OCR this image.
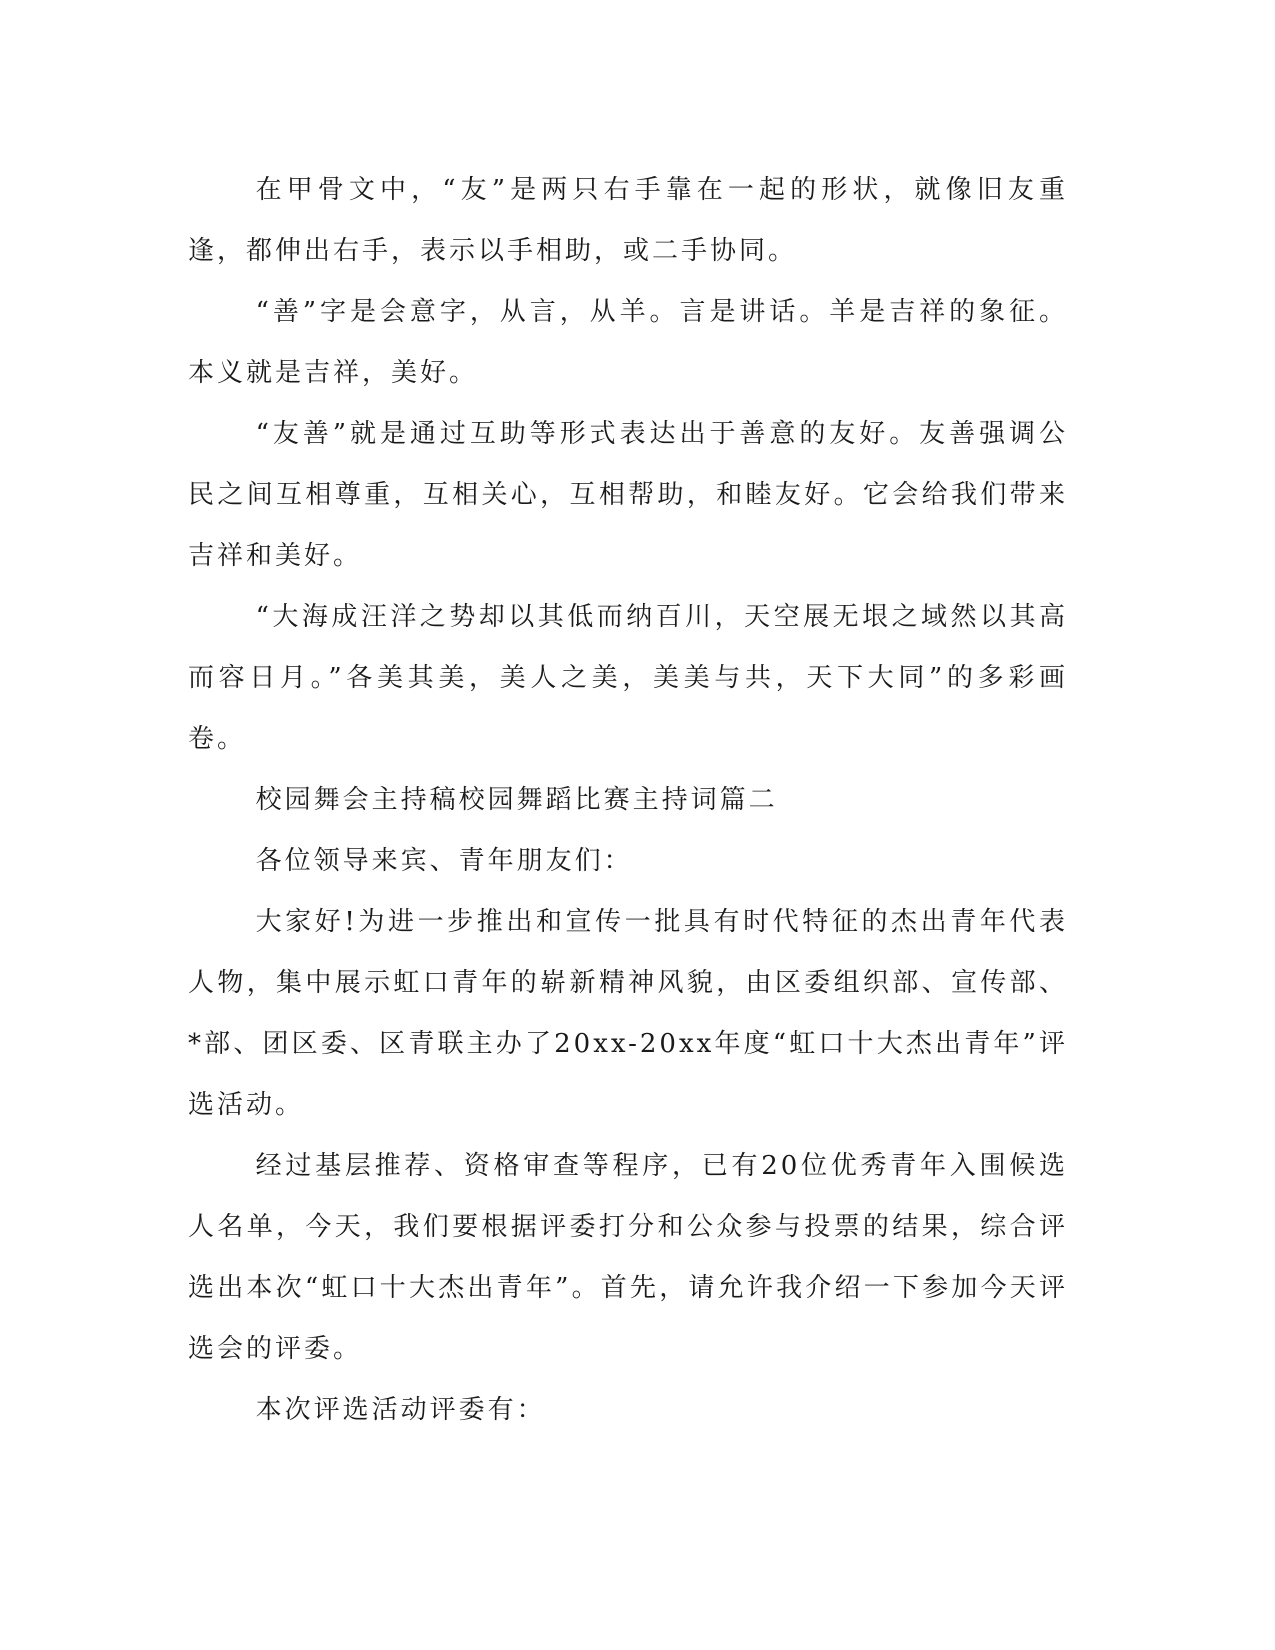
在甲骨文中，“友”是两只右手靠在一起的形状，就像旧友重逢，都伸出右手，表示以手相助，或二手协同。

“善”字是会意字，从言，从羊。言是讲话。羊是吉祥的象征。本义就是吉祥，美好。

“友善”就是通过互助等形式表达出于善意的友好。友善强调公民之间互相尊重，互相关心，互相帮助，和睦友好。它会给我们带来吉祥和美好。

“大海成汪洋之势却以其低而纳百川，天空展无垠之域然以其高而容日月。”各美其美，美人之美，美美与共，天下大同”的多彩画卷。

校园舞会主持稿校园舞蹈比赛主持词篇二

各位领导来宾、青年朋友们：

大家好!为进一步推出和宣传一批具有时代特征的杰出青年代表人物，集中展示虹口青年的崭新精神风貌，由区委组织部、宣传部、*部、团区委、区青联主办了20xx-20xx年度“虹口十大杰出青年”评选活动。

经过基层推荐、资格审查等程序，已有20位优秀青年入围候选人名单，今天，我们要根据评委打分和公众参与投票的结果，综合评选出本次“虹口十大杰出青年”。首先，请允许我介绍一下参加今天评选会的评委。

本次评选活动评委有：
